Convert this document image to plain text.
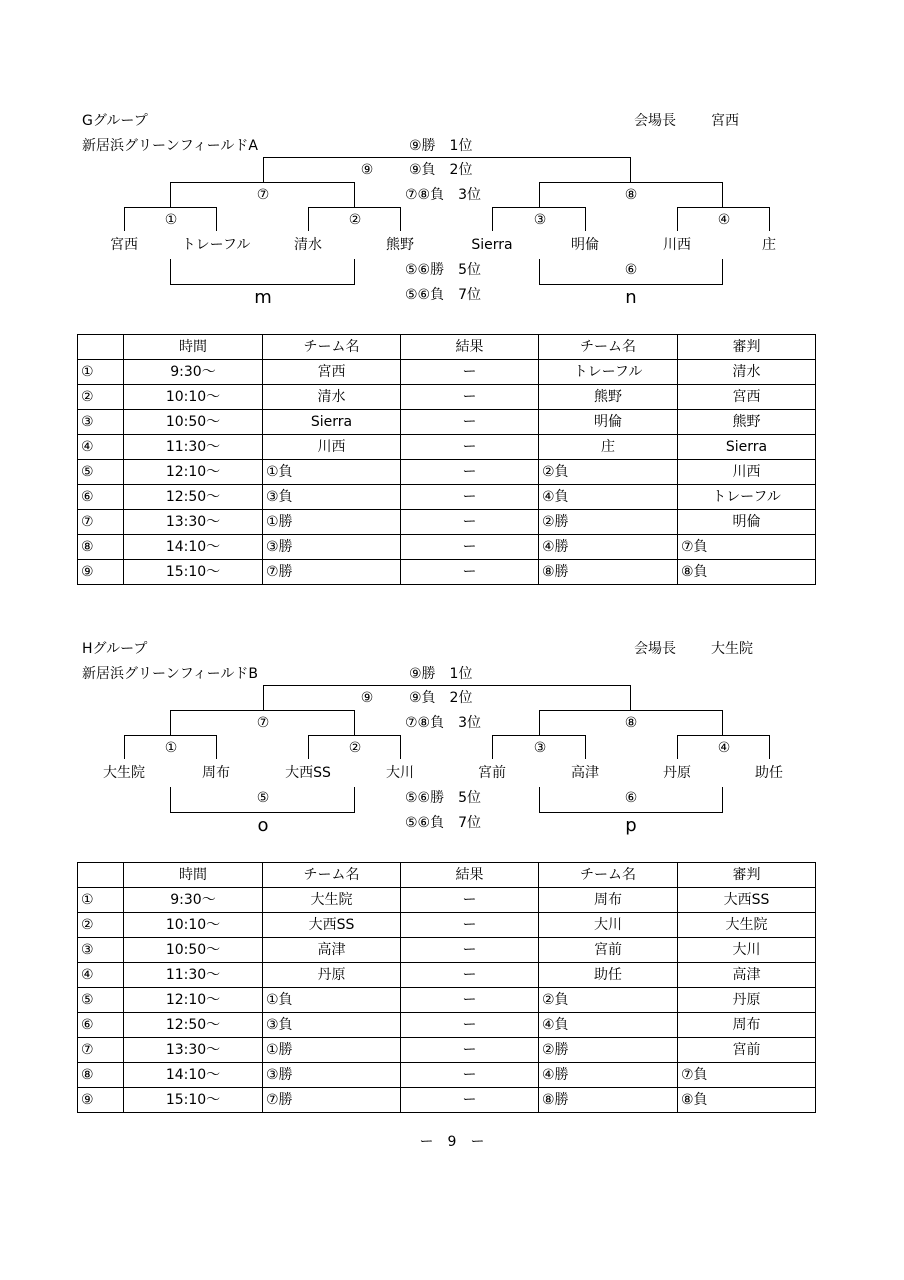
Gグループ	会場長	宮西
新居浜グリーンフィールドA	⑨勝　1位
⑨負　2位
⑦⑧負　3位
⑤⑥勝　5位
⑤⑥負　7位
⑨
⑦	⑧
①	②	③	④
⑥
宮西	トレーフル	清水	熊野	Sierra	明倫	川西	庄
m	n
	時間	チーム名	結果	チーム名	審判
①	9:30～	宮西	ー	トレーフル	清水
②	10:10～	清水	ー	熊野	宮西
③	10:50～	Sierra	ー	明倫	熊野
④	11:30～	川西	ー	庄	Sierra
⑤	12:10～	①負	ー	②負	川西
⑥	12:50～	③負	ー	④負	トレーフル
⑦	13:30～	①勝	ー	②勝	明倫
⑧	14:10～	③勝	ー	④勝	⑦負
⑨	15:10～	⑦勝	ー	⑧勝	⑧負
Hグループ	会場長	大生院
新居浜グリーンフィールドB	⑨勝　1位
⑨負　2位
⑦⑧負　3位
⑤⑥勝　5位
⑤⑥負　7位
⑨
⑦	⑧
①	②	③	④
⑤	⑥
大生院	周布	大西SS	大川	宮前	高津	丹原	助任
o	p
	時間	チーム名	結果	チーム名	審判
①	9:30～	大生院	ー	周布	大西SS
②	10:10～	大西SS	ー	大川	大生院
③	10:50～	高津	ー	宮前	大川
④	11:30～	丹原	ー	助任	高津
⑤	12:10～	①負	ー	②負	丹原
⑥	12:50～	③負	ー	④負	周布
⑦	13:30～	①勝	ー	②勝	宮前
⑧	14:10～	③勝	ー	④勝	⑦負
⑨	15:10～	⑦勝	ー	⑧勝	⑧負
ー　9　ー
